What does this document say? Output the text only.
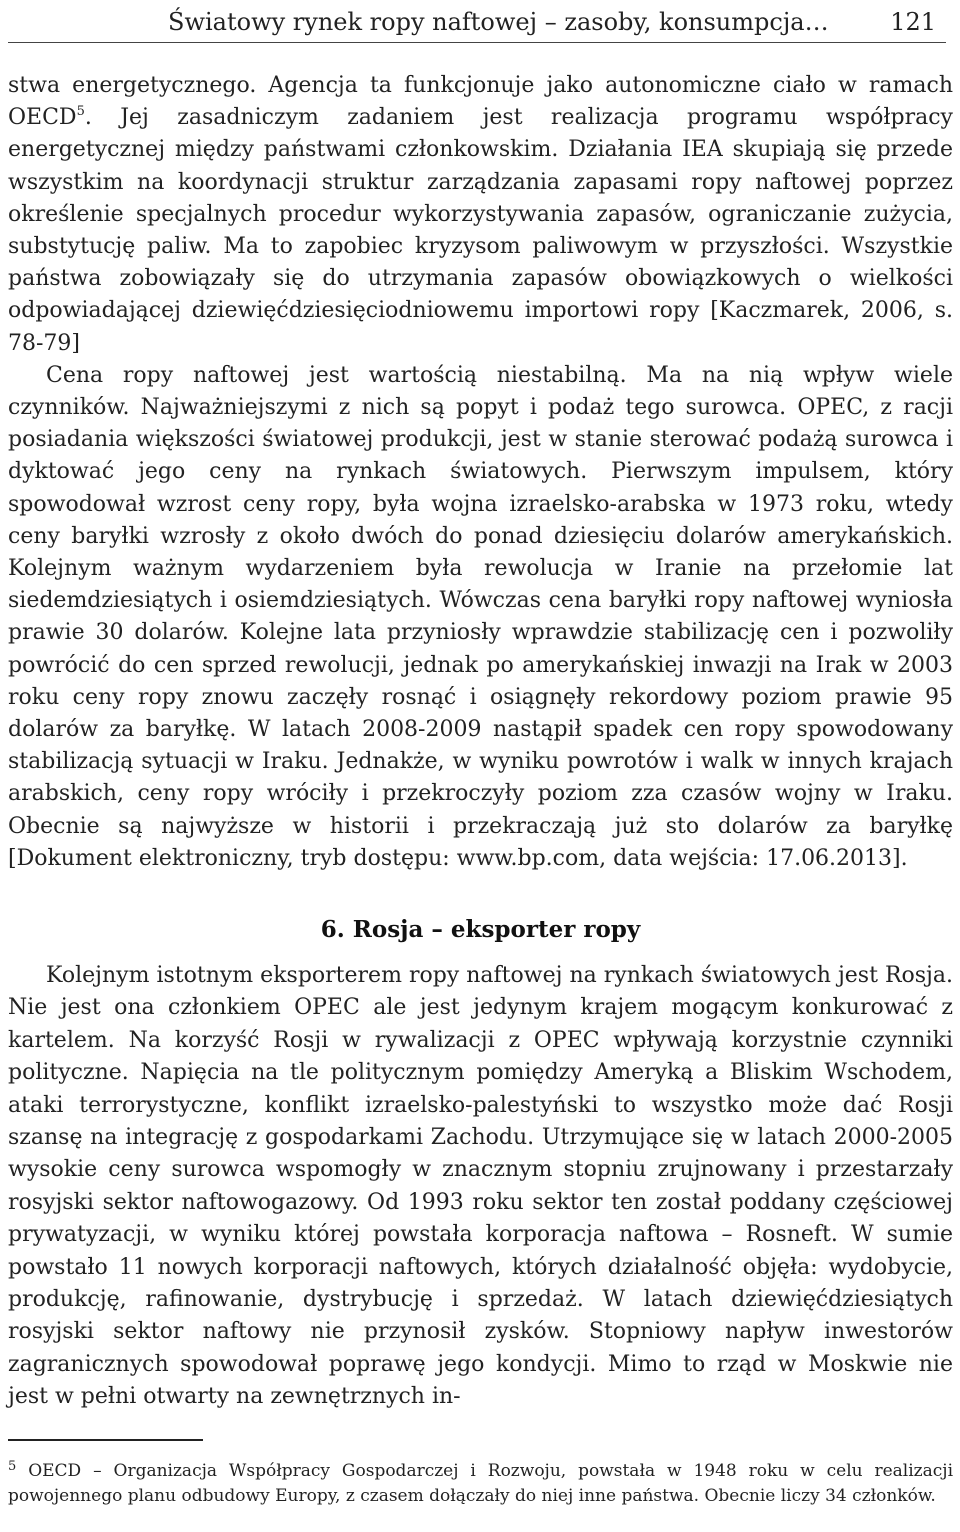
Światowy rynek ropy naftowej – zasoby, konsumpcja…	121

stwa energetycznego. Agencja ta funkcjonuje jako autonomiczne ciało w ramach OECD$^5$. Jej zasadniczym zadaniem jest realizacja programu współpracy energetycznej między państwami członkowskim. Działania IEA skupiają się przede wszystkim na koordynacji struktur zarządzania zapasami ropy naftowej poprzez określenie specjalnych procedur wykorzystywania zapasów, ograniczanie zużycia, substytucję paliw. Ma to zapobiec kryzysom paliwowym w przyszłości. Wszystkie państwa zobowiązały się do utrzymania zapasów obowiązkowych o wielkości odpowiadającej dziewięćdziesięciodniowemu importowi ropy [Kaczmarek, 2006, s. 78-79]

Cena ropy naftowej jest wartością niestabilną. Ma na nią wpływ wiele czynników. Najważniejszymi z nich są popyt i podaż tego surowca. OPEC, z racji posiadania większości światowej produkcji, jest w stanie sterować podażą surowca i dyktować jego ceny na rynkach światowych. Pierwszym impulsem, który spowodował wzrost ceny ropy, była wojna izraelsko-arabska w 1973 roku, wtedy ceny baryłki wzrosły z około dwóch do ponad dziesięciu dolarów amerykańskich. Kolejnym ważnym wydarzeniem była rewolucja w Iranie na przełomie lat siedemdziesiątych i osiemdziesiątych. Wówczas cena baryłki ropy naftowej wyniosła prawie 30 dolarów. Kolejne lata przyniosły wprawdzie stabilizację cen i pozwoliły powrócić do cen sprzed rewolucji, jednak po amerykańskiej inwazji na Irak w 2003 roku ceny ropy znowu zaczęły rosnąć i osiągnęły rekordowy poziom prawie 95 dolarów za baryłkę. W latach 2008-2009 nastąpił spadek cen ropy spowodowany stabilizacją sytuacji w Iraku. Jednakże, w wyniku powrotów i walk w innych krajach arabskich, ceny ropy wróciły i przekroczyły poziom zza czasów wojny w Iraku. Obecnie są najwyższe w historii i przekraczają już sto dolarów za baryłkę [Dokument elektroniczny, tryb dostępu: www.bp.com, data wejścia: 17.06.2013].

6. Rosja – eksporter ropy

Kolejnym istotnym eksporterem ropy naftowej na rynkach światowych jest Rosja. Nie jest ona członkiem OPEC ale jest jedynym krajem mogącym konkurować z kartelem. Na korzyść Rosji w rywalizacji z OPEC wpływają korzystnie czynniki polityczne. Napięcia na tle politycznym pomiędzy Ameryką a Bliskim Wschodem, ataki terrorystyczne, konflikt izraelsko-palestyński to wszystko może dać Rosji szansę na integrację z gospodarkami Zachodu. Utrzymujące się w latach 2000-2005 wysokie ceny surowca wspomogły w znacznym stopniu zrujnowany i przestarzały rosyjski sektor naftowogazowy. Od 1993 roku sektor ten został poddany częściowej prywatyzacji, w wyniku której powstała korporacja naftowa – Rosneft. W sumie powstało 11 nowych korporacji naftowych, których działalność objęła: wydobycie, produkcję, rafinowanie, dystrybucję i sprzedaż. W latach dziewięćdziesiątych rosyjski sektor naftowy nie przynosił zysków. Stopniowy napływ inwestorów zagranicznych spowodował poprawę jego kondycji. Mimo to rząd w Moskwie nie jest w pełni otwarty na zewnętrznych in-

$^5$ OECD – Organizacja Współpracy Gospodarczej i Rozwoju, powstała w 1948 roku w celu realizacji powojennego planu odbudowy Europy, z czasem dołączały do niej inne państwa. Obecnie liczy 34 członków.
